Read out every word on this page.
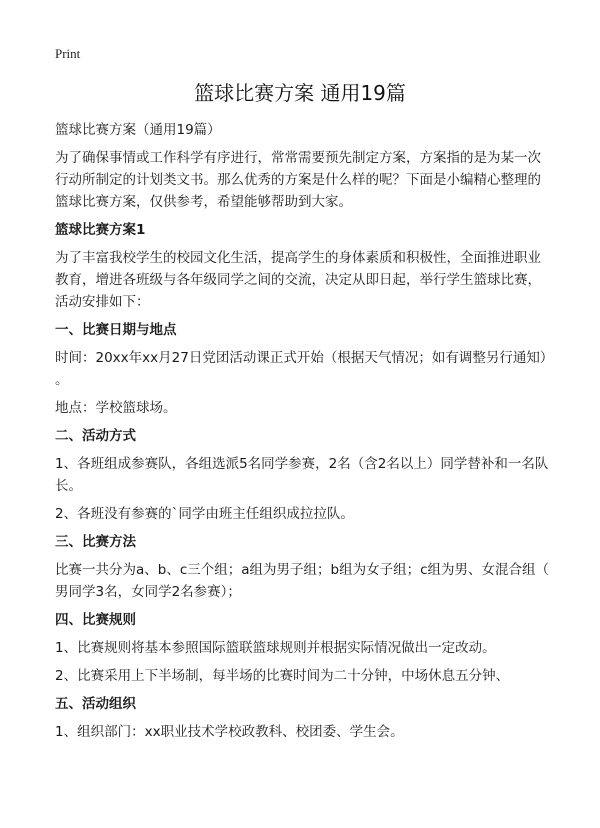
Print
篮球比赛方案 通用19篇
篮球比赛方案（通用19篇）
为了确保事情或工作科学有序进行，常常需要预先制定方案，方案指的是为某一次
行动所制定的计划类文书。那么优秀的方案是什么样的呢？下面是小编精心整理的
篮球比赛方案，仅供参考，希望能够帮助到大家。
篮球比赛方案1
为了丰富我校学生的校园文化生活，提高学生的身体素质和积极性，全面推进职业
教育，增进各班级与各年级同学之间的交流，决定从即日起，举行学生篮球比赛，
活动安排如下：
一、比赛日期与地点
时间：20xx年xx月27日党团活动课正式开始（根据天气情况；如有调整另行通知）
。
地点：学校篮球场。
二、活动方式
1、各班组成参赛队，各组选派5名同学参赛，2名（含2名以上）同学替补和一名队
长。
2、各班没有参赛的`同学由班主任组织成拉拉队。
三、比赛方法
比赛一共分为a、b、c三个组；a组为男子组；b组为女子组；c组为男、女混合组（
男同学3名，女同学2名参赛）；
四、比赛规则
1、比赛规则将基本参照国际篮联篮球规则并根据实际情况做出一定改动。
2、比赛采用上下半场制，每半场的比赛时间为二十分钟，中场休息五分钟、
五、活动组织
1、组织部门：xx职业技术学校政教科、校团委、学生会。
